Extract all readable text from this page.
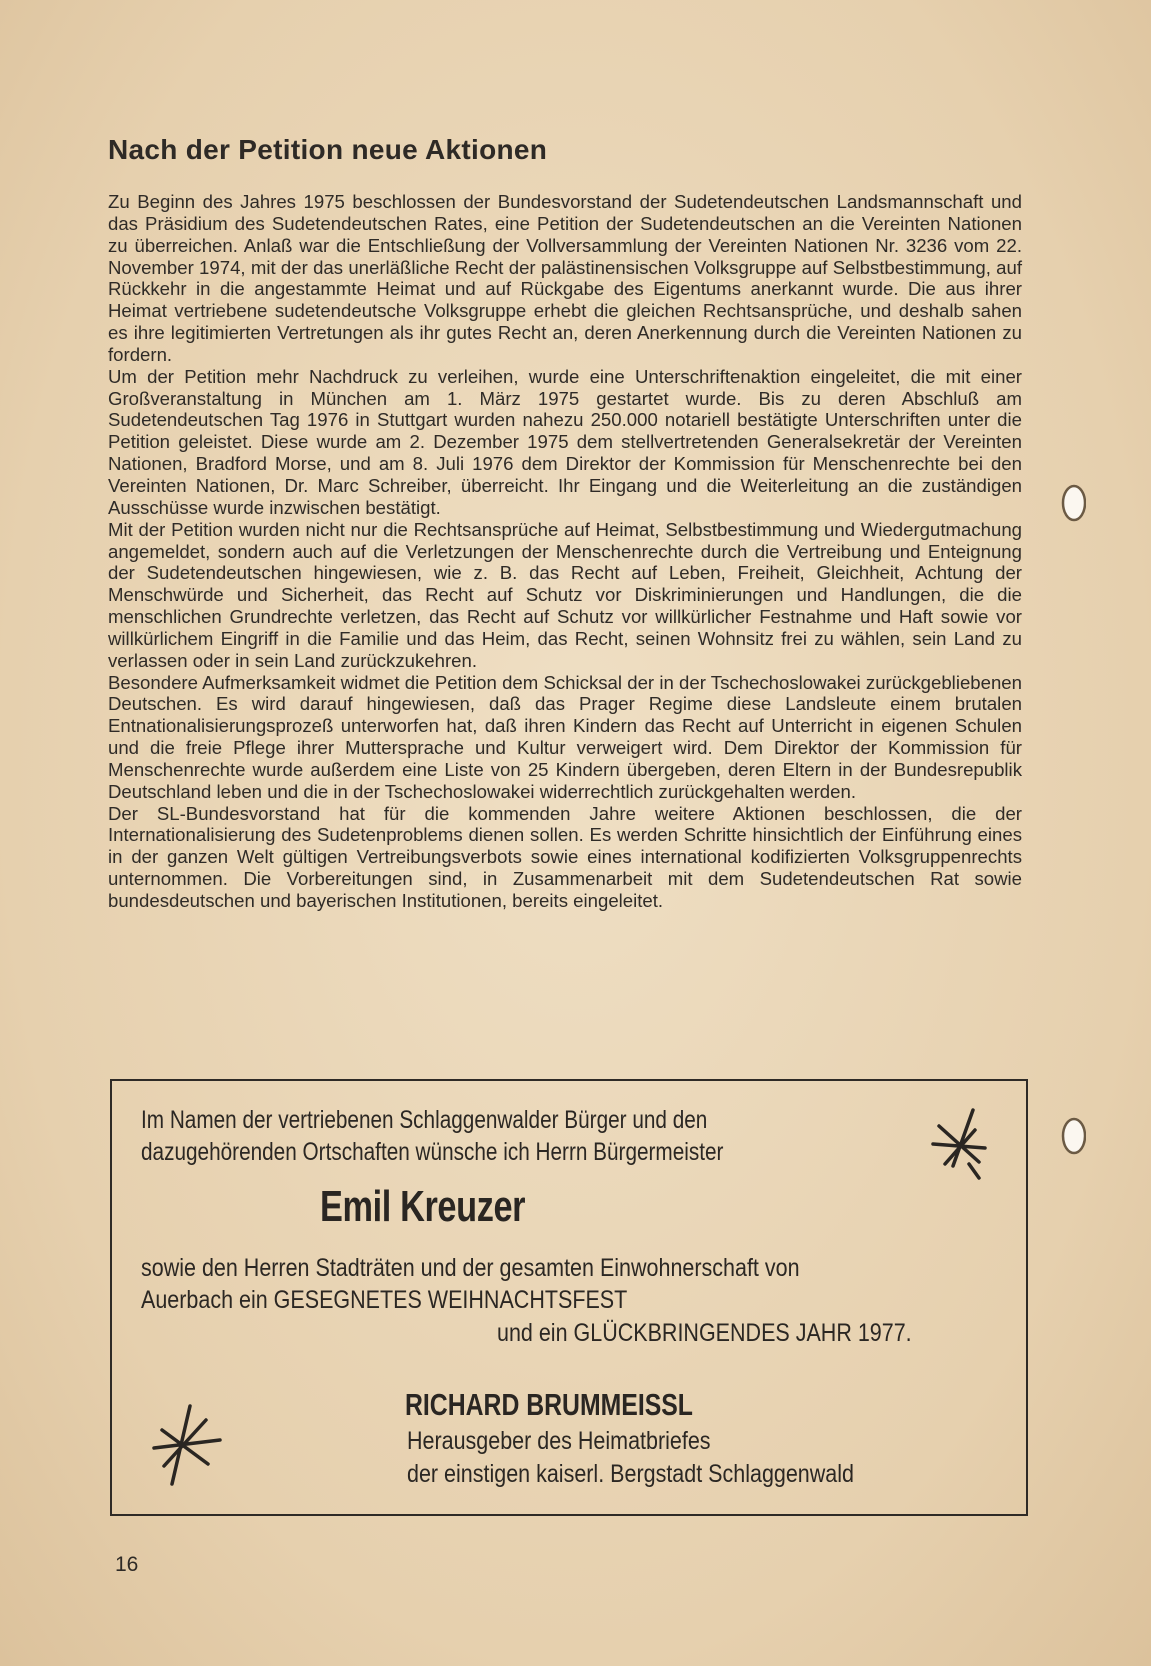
Nach der Petition neue Aktionen

Zu Beginn des Jahres 1975 beschlossen der Bundesvorstand der Sudetendeutschen Landsmannschaft und das Präsidium des Sudetendeutschen Rates, eine Petition der Sudetendeutschen an die Vereinten Nationen zu überreichen. Anlaß war die Entschließung der Vollversammlung der Vereinten Nationen Nr. 3236 vom 22. November 1974, mit der das unerläßliche Recht der palästinensischen Volksgruppe auf Selbstbestimmung, auf Rückkehr in die angestammte Heimat und auf Rückgabe des Eigentums anerkannt wurde. Die aus ihrer Heimat vertriebene sudetendeutsche Volksgruppe erhebt die gleichen Rechtsansprüche, und deshalb sahen es ihre legitimierten Vertretungen als ihr gutes Recht an, deren Anerkennung durch die Vereinten Nationen zu fordern.

Um der Petition mehr Nachdruck zu verleihen, wurde eine Unterschriftenaktion eingeleitet, die mit einer Großveranstaltung in München am 1. März 1975 gestartet wurde. Bis zu deren Abschluß am Sudetendeutschen Tag 1976 in Stuttgart wurden nahezu 250.000 notariell bestätigte Unterschriften unter die Petition geleistet. Diese wurde am 2. Dezember 1975 dem stellvertretenden Generalsekretär der Vereinten Nationen, Bradford Morse, und am 8. Juli 1976 dem Direktor der Kommission für Menschenrechte bei den Vereinten Nationen, Dr. Marc Schreiber, überreicht. Ihr Eingang und die Weiterleitung an die zuständigen Ausschüsse wurde inzwischen bestätigt.

Mit der Petition wurden nicht nur die Rechtsansprüche auf Heimat, Selbstbestimmung und Wiedergutmachung angemeldet, sondern auch auf die Verletzungen der Menschenrechte durch die Vertreibung und Enteignung der Sudetendeutschen hingewiesen, wie z. B. das Recht auf Leben, Freiheit, Gleichheit, Achtung der Menschwürde und Sicherheit, das Recht auf Schutz vor Diskriminierungen und Handlungen, die die menschlichen Grundrechte verletzen, das Recht auf Schutz vor willkürlicher Festnahme und Haft sowie vor willkürlichem Eingriff in die Familie und das Heim, das Recht, seinen Wohnsitz frei zu wählen, sein Land zu verlassen oder in sein Land zurückzukehren.

Besondere Aufmerksamkeit widmet die Petition dem Schicksal der in der Tschechoslowakei zurückgebliebenen Deutschen. Es wird darauf hingewiesen, daß das Prager Regime diese Landsleute einem brutalen Entnationalisierungsprozeß unterworfen hat, daß ihren Kindern das Recht auf Unterricht in eigenen Schulen und die freie Pflege ihrer Muttersprache und Kultur verweigert wird. Dem Direktor der Kommission für Menschenrechte wurde außerdem eine Liste von 25 Kindern übergeben, deren Eltern in der Bundesrepublik Deutschland leben und die in der Tschechoslowakei widerrechtlich zurückgehalten werden.

Der SL-Bundesvorstand hat für die kommenden Jahre weitere Aktionen beschlossen, die der Internationalisierung des Sudetenproblems dienen sollen. Es werden Schritte hinsichtlich der Einführung eines in der ganzen Welt gültigen Vertreibungsverbots sowie eines international kodifizierten Volksgruppenrechts unternommen. Die Vorbereitungen sind, in Zusammenarbeit mit dem Sudetendeutschen Rat sowie bundesdeutschen und bayerischen Institutionen, bereits eingeleitet.

Im Namen der vertriebenen Schlaggenwalder Bürger und den
dazugehörenden Ortschaften wünsche ich Herrn Bürgermeister
Emil Kreuzer
sowie den Herren Stadträten und der gesamten Einwohnerschaft von
Auerbach ein GESEGNETES WEIHNACHTSFEST
und ein GLÜCKBRINGENDES JAHR 1977.
RICHARD BRUMMEISSL
Herausgeber des Heimatbriefes
der einstigen kaiserl. Bergstadt Schlaggenwald
16
